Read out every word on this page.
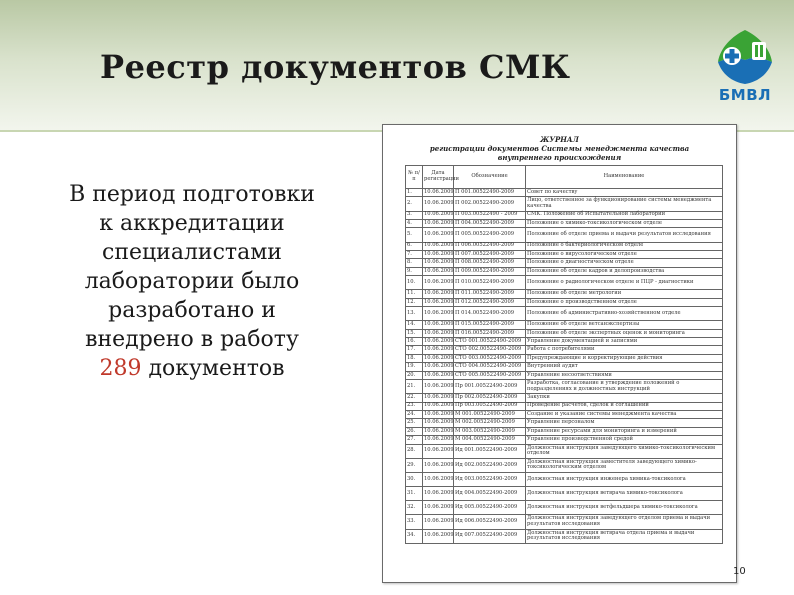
Реестр документов СМК
БМВЛ
В период подготовки
к аккредитации
специалистами
лаборатории было
разработано и
внедрено в работу
289 документов
ЖУРНАЛ
регистрации документов Системы менеджмента качества
внутреннего происхождения
№ п/п	Дата регистрации	Обозначение	Наименование
1.	10.06.2009	П 001.00522490-2009	Совет по качеству
2.	10.06.2009	П 002.00522490-2009	Лицо, ответственное за функционирование системы менеджмента качества
3.	10.06.2009	П 003.00522490 - 2009	СМК. Положение об Испытательной лаборатории
4.	10.06.2009	П 004.00522490-2009	Положение о химико-токсикологическом отделе
5.	10.06.2009	П 005.00522490-2009	Положение об отделе приема и выдачи результатов исследования
6.	10.06.2009	П 006.00522490-2009	Положение о бактериологическом отделе
7.	10.06.2009	П 007.00522490-2009	Положение о вирусологическом отделе
8.	10.06.2009	П 008.00522490-2009	Положение о диагностическом отделе
9.	10.06.2009	П 009.00522490-2009	Положение об отделе кадров и делопроизводства
10.	10.06.2009	П 010.00522490-2009	Положение о радиологическом отделе и ПЦР - диагностики
11.	10.06.2009	П 011.00522490-2009	Положение об отделе метрологии
12.	10.06.2009	П 012.00522490-2009	Положение о производственном отделе
13.	10.06.2009	П 014.00522490-2009	Положение об административно-хозяйственном отделе
14.	10.06.2009	П 015.00522490-2009	Положение об отделе ветсанэкспертизы
15.	10.06.2009	П 016.00522490-2009	Положение об отделе экспертных оценок и мониторинга
16.	10.06.2009	СТО 001.00522490-2009	Управление документацией и записями
17.	10.06.2009	СТО 002.00522490-2009	Работа с потребителями
18.	10.06.2009	СТО 003.00522490-2009	Предупреждающие и корректирующие действия
19.	10.06.2009	СТО 004.00522490-2009	Внутренний аудит
20.	10.06.2009	СТО 005.00522490-2009	Управление несоответствиями
21.	10.06.2009	Пр 001.00522490-2009	Разработка, согласование и утверждение положений о подразделениях и должностных инструкций
22.	10.06.2009	Пр 002.00522490-2009	Закупки
23.	10.06.2009	Пр 003.00522490-2009	Проведение расчетов, сделок и соглашений
24.	10.06.2009	М 001.00522490-2009	Создание и указание системы менеджмента качества
25.	10.06.2009	М 002.00522490-2009	Управление персоналом
26.	10.06.2009	М 003.00522490-2009	Управление ресурсами для мониторинга и измерений
27.	10.06.2009	М 004.00522490-2009	Управление производственной средой
28.	10.06.2009	Ид 001.00522490-2009	Должностная инструкция заведующего химико-токсикологическим отделом
29.	10.06.2009	Ид 002.00522490-2009	Должностная инструкция заместителя заведующего химико-токсикологическим отделом
30.	10.06.2009	Ид 003.00522490-2009	Должностная инструкция инженера химика-токсиколога
31.	10.06.2009	Ид 004.00522490-2009	Должностная инструкция ветврача химико-токсиколога
32.	10.06.2009	Ид 005.00522490-2009	Должностная инструкция ветфельдшера химико-токсиколога
33.	10.06.2009	Ид 006.00522490-2009	Должностная инструкция заведующего отделом приема и выдачи результатов исследования
34.	10.06.2009	Ид 007.00522490-2009	Должностная инструкция ветврача отдела приема и выдачи результатов исследования
10
